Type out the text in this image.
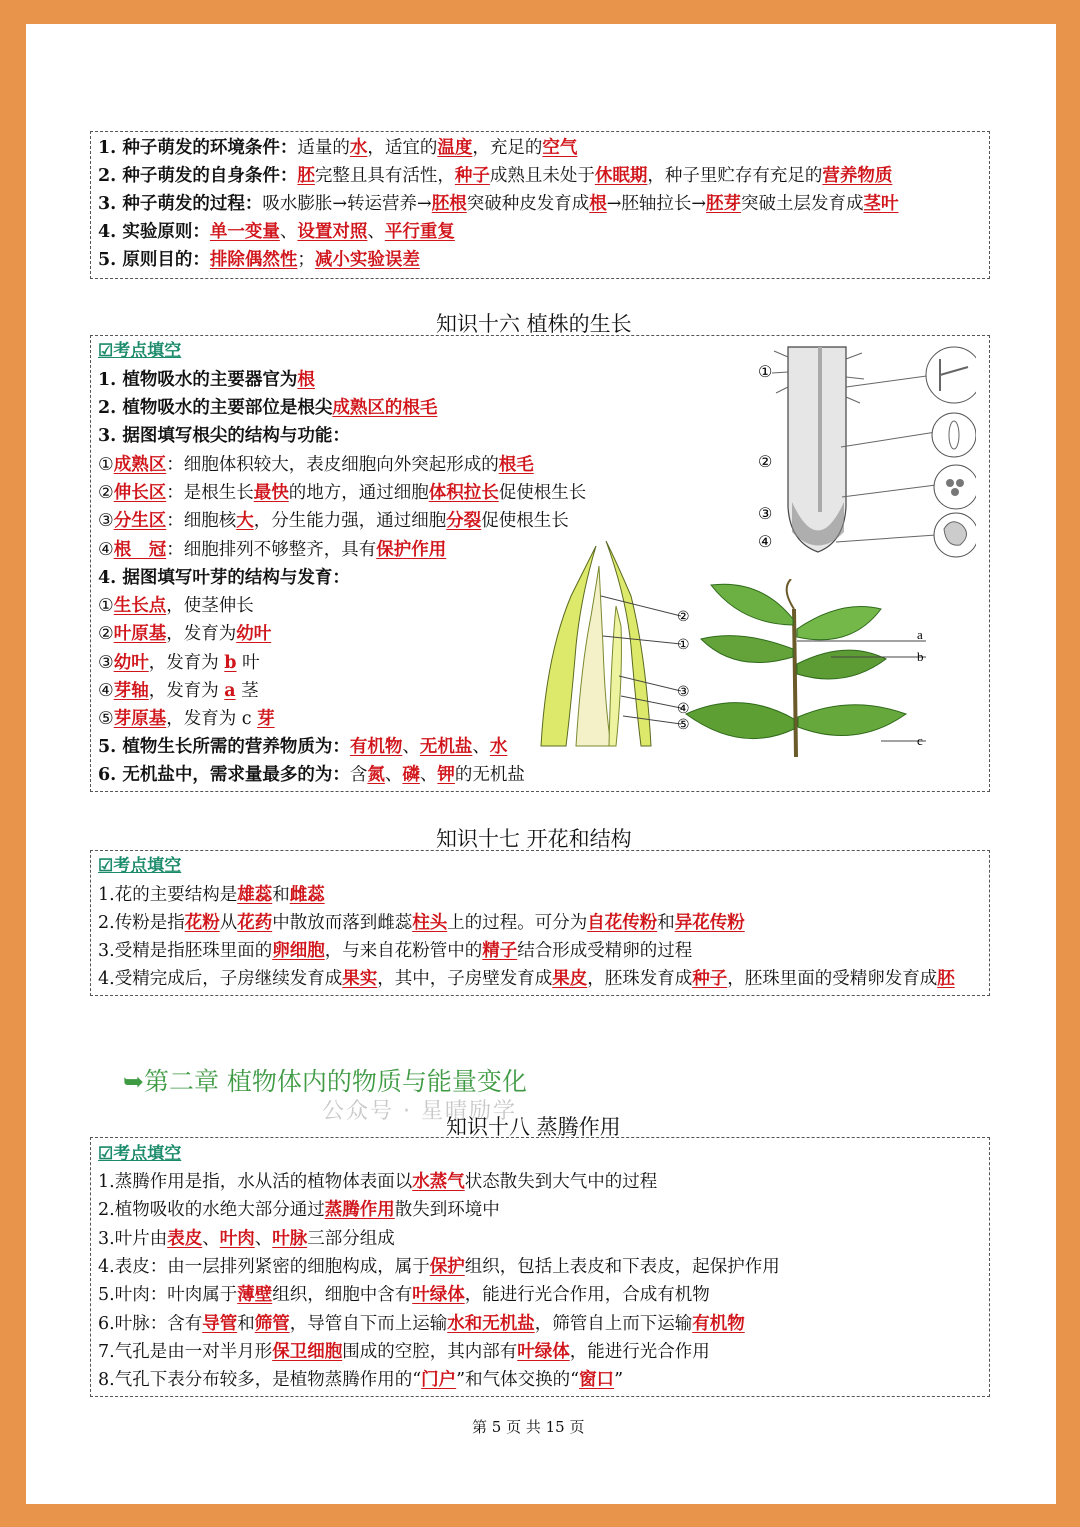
1. 种子萌发的环境条件：适量的水，适宜的温度，充足的空气
2. 种子萌发的自身条件：胚完整且具有活性，种子成熟且未处于休眠期，种子里贮存有充足的营养物质
3. 种子萌发的过程：吸水膨胀→转运营养→胚根突破种皮发育成根→胚轴拉长→胚芽突破土层发育成茎叶
4. 实验原则：单一变量、设置对照、平行重复
5. 原则目的：排除偶然性；减小实验误差
知识十六 植株的生长
☑考点填空
1. 植物吸水的主要器官为根
2. 植物吸水的主要部位是根尖成熟区的根毛
3. 据图填写根尖的结构与功能：
①成熟区：细胞体积较大，表皮细胞向外突起形成的根毛
②伸长区：是根生长最快的地方，通过细胞体积拉长促使根生长
③分生区：细胞核大，分生能力强，通过细胞分裂促使根生长
④根　冠：细胞排列不够整齐，具有保护作用
4. 据图填写叶芽的结构与发育：
①生长点，使茎伸长
②叶原基，发育为幼叶
③幼叶，发育为 b 叶
④芽轴，发育为 a 茎
⑤芽原基，发育为 c 芽
5. 植物生长所需的营养物质为：有机物、无机盐、水
6. 无机盐中，需求量最多的为：含氮、磷、钾的无机盐
①
②
③
④
②
①
③
④
⑤
a
b
c
知识十七 开花和结构
☑考点填空
1.花的主要结构是雄蕊和雌蕊
2.传粉是指花粉从花药中散放而落到雌蕊柱头上的过程。可分为自花传粉和异花传粉
3.受精是指胚珠里面的卵细胞，与来自花粉管中的精子结合形成受精卵的过程
4.受精完成后，子房继续发育成果实，其中，子房壁发育成果皮，胚珠发育成种子，胚珠里面的受精卵发育成胚
➥第二章 植物体内的物质与能量变化
公众号 · 星晴励学
知识十八 蒸腾作用
☑考点填空
1.蒸腾作用是指，水从活的植物体表面以水蒸气状态散失到大气中的过程
2.植物吸收的水绝大部分通过蒸腾作用散失到环境中
3.叶片由表皮、叶肉、叶脉三部分组成
4.表皮：由一层排列紧密的细胞构成，属于保护组织，包括上表皮和下表皮，起保护作用
5.叶肉：叶肉属于薄壁组织，细胞中含有叶绿体，能进行光合作用，合成有机物
6.叶脉：含有导管和筛管，导管自下而上运输水和无机盐，筛管自上而下运输有机物
7.气孔是由一对半月形保卫细胞围成的空腔，其内部有叶绿体，能进行光合作用
8.气孔下表分布较多，是植物蒸腾作用的“门户”和气体交换的“窗口”
第 5 页 共 15 页
